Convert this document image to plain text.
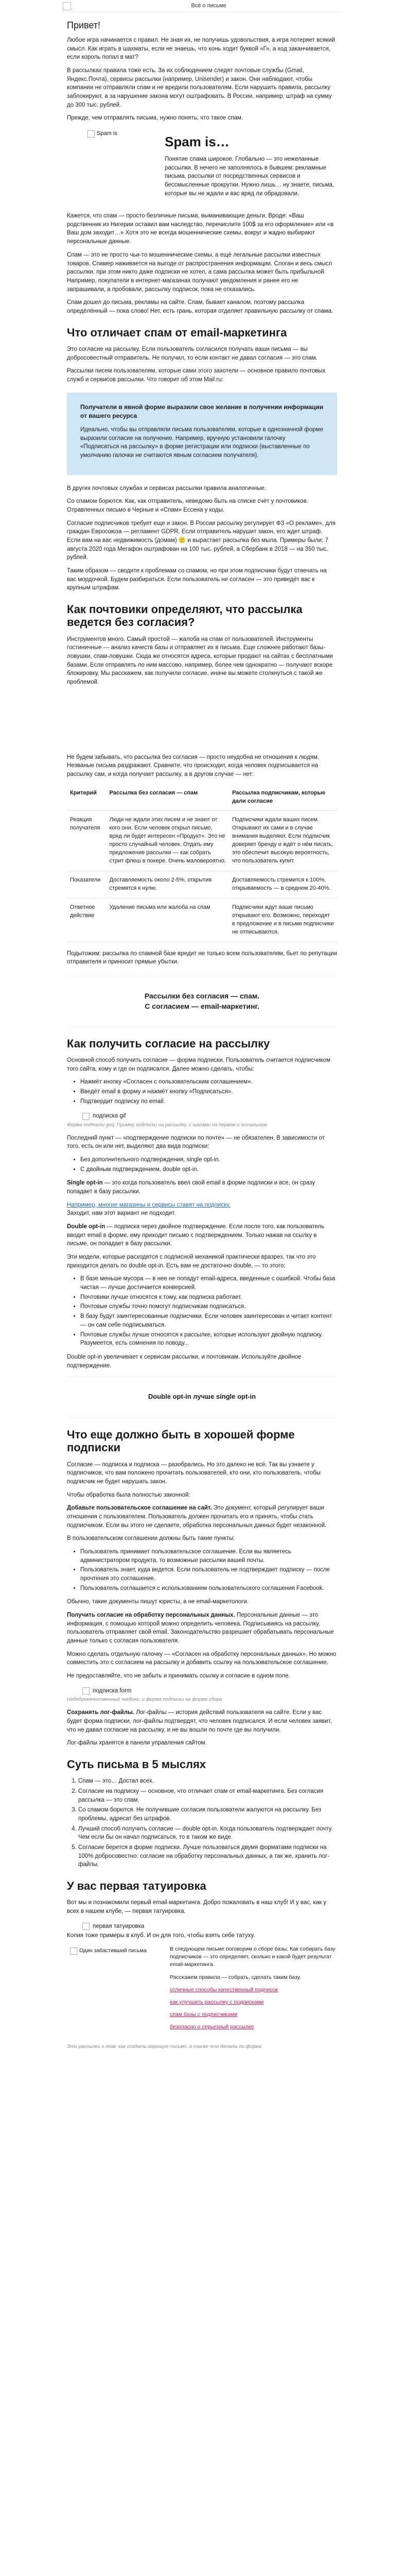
Всё о письме
Привет!

Любое игра начинается с правил. Не зная их, не получишь удовольствия, а игра потеряет всякий смысл. Как играть в шахматы, если не знаешь, что конь ходит буквой «Г», а ход заканчивается, если король попал в мат?

В рассылках правила тоже есть. За их соблюдением следят почтовые службы (Gmail, Яндекс.Почта), сервисы рассылки (например, Unisender) и закон. Они наблюдают, чтобы компании не отправляли спам и не вредили пользователям. Если нарушить правила, рассылку заблокируют, а за нарушение закона могут оштрафовать. В России, например, штраф на сумму до 300 тыс. рублей.

Прежде, чем отправлять письма, нужно понять, что такое спам.

Spam is
Spam is…

Понятие спама широкое. Глобально — это нежеланные рассылки. В нечего не заполнялось в бывшем: рекламные письма, рассылки от посредственных сервисов и бессмысленные прокрутки. Нужно лишь… ну знаете, письма, которые вы не ждали и вас вряд ли обрадовали.

Кажется, что спам — просто безличные письма, выманивающие деньги. Вроде: «Ваш родственник из Нигерии оставил вам наследство, перечислите 100$ за его оформление» или «в Ваш дом заходит…» Хотя это не всегда мошеннические схемы, вокруг и жадно выбирают персональные данные.

Спам — это не просто чьи-то мошеннические схемы, а ещё легальные рассылки известных товаров. Спамер наживается на выгоде от распространения информации. Слоган и весь смысл рассылки, при этом никто даже подписки не хотел, а сама рассылка может быть прибыльной. Например, покупатели в интернет-магазинах получают уведомления и ранее его не запрашивали, а пробовали, рассылку подписок, пока не отказались.

Спам дошел до письма, рекламы на сайте. Спам, бывает каналом, поэтому рассылка опредёлённый — пока слово! Нет, есть грань, которая отделяет правильную рассылку от спама.

Что отличает спам от email-маркетинга

Это согласие на рассылку. Если пользователь согласился получать ваши письма — вы добросовестный отправитель. Не получил, то если контакт не давал согласия — это спам.

Рассылки писем пользователям, которые сами этого захотели — основное правило почтовых служб и сервисов рассылки. Что говорит об этом Mail.ru:

Получатели в явной форме выразили свое желание в получении информации от вашего ресурса

Идеально, чтобы вы отправляли письма пользователям, которые в однозначной форме выразили согласие на получение. Например, вручную установили галочку «Подписаться на рассылку» в форме регистрации или подписки (выставленные по умолчанию галочки не считаются явным согласием получателя).

В других почтовых службах и сервисах рассылки правила аналогичные.

Со спамом борются. Как, как отправитель, неведомо быть на списке счёт у почтовиков. Отравленных письмо в Черные и «Спам» Ессена у коды.

Согласие подписчиков требует еще и закон. В России рассылку регулирует ФЗ «О рекламе», для граждан Евросоюза — регламент GDPR. Если отправитель нарушит закон, его ждет штраф. Если вам на вас недвижимость (домам) 🙂 и вырастает рассылка без мыла. Примеры были: 7 августа 2020 года Мегафон оштрафован на 100 тыс. рублей, а Сбербанк в 2018 — на 350 тыс. рублей.

Таким образом — сводите к проблемам со спамом, но при этом подписчики будут отвечать на вас мордочкой. Будем разбираться. Если пользователь не согласен — это приведёт вас к крупным штрафам.

Как почтовики определяют, что рассылка ведется без согласия?

Инструментов много. Самый простой — жалоба на спам от пользователей. Инструменты гостиничные — анализ качеств базы и отправляет их в письма. Еще сложнее работают базы-ловушки, спам-ловушки. Сюда же относятся адреса, которые продают на сайтах с бесплатными базами. Если отправлять по ним массово, например, более чем однократно — получают вскоре блокировку. Мы расскажем, как получили согласие, иначе вы можете столкнуться с такой же проблемой.

Не будем забывать, что рассылка без согласия — просто неудобна не отношения к людям. Незваные письма раздражают. Сравните, что происходит, когда человек подписывается на рассылку сам, и когда получает рассылку, а в другом случае — нет:

Критерий	Рассылка без согласия — спам	Рассылка подписчикам, которые дали согласие
Реакция получателя	Люди не ждали этих писем и не знают от кого они. Если человек открыл письмо, вряд ли будет интересен «Продукт». Это не просто случайный человек. Отдать ему предложение рассылки — как собрать стрит флеш в покере. Очень маловероятно.	Подписчики ждали ваших писем. Открывают их сами и в случае внимания выделяют. Если подписчик доверяет бренду и ждёт о нём писать, это обеспечит высокую вероятность, что пользователь купит.
Показатели	Доставляемость около 2-5%, открытия стремятся к нулю.	Доставляемость стремится к 100%, открываемость — в среднем 20-40%.
Ответное действие	Удаление письма или жалоба на спам	Подписчики ждут ваше письмо открывают его. Возможно, переходят в предложение и в письме подписчики не отписываются.

Подытожим: рассылка по спамной базе вредит не только всем пользователям, бьет по репутации отправителя и приносит прямые убытки.

Рассылки без согласия — спам.
С согласием — email-маркетинг.
Как получить согласие на рассылку

Основной способ получить согласие — форма подписки. Пользователь считается подписчиком того сайта, кому и где он подписался. Далее можно сделать, чтобы:

• Нажмёт кнопку «Согласен с пользовательским соглашением».
• Введёт email в форму и нажмёт кнопку «Подписаться».
• Подтвердит подписку по email.
подписка gif

Форма подписки goq. Пример подписки на рассылку, с шагами на первом и остальном.

Последний пункт — «подтверждение подписки по почте» — не обязателен. В зависимости от того, есть он или нет, выделяют два вида подписки:

• Без дополнительного подтверждения, single opt-in.
• С двойным подтверждением, double opt-in.

Single opt-in — это когда пользователь ввел свой email в форме подписки и все, он сразу попадает в базу рассылки.

Например, многие магазины и сервисы ставят на подписку.
Заходит, нам этот вариант не подходит.

Double opt-in — подписка через двойное подтверждение. Если после того, как пользователь вводит email в форме, ему приходит письмо с подтверждением. Только нажав на ссылку в письме, он попадает в базу рассылки.

Эти модели, которые расходятся с подписной механикой практически вразрез, так что это приходится делать по double opt-in. Есть вам не достаточно double, — то этого:

• В базе меньше мусора — в нее не попадут email-адреса, введенные с ошибкой. Чтобы база чистая — лучше достичается конверсией.
• Почтовики лучше относятся к тому, как подписка работает.
• Почтовые службы точно помогут подписчикам подписаться.
• В базу будут заинтересованные подписчики. Если человек заинтересован и читает контент — он сам себе подписываться.
• Почтовые службы лучше относятся к рассылке, которые используют двойную подписку. Разумеется, есть сомнения по поводу...

Double opt-in увеличивает к сервисам рассылки, и почтовикам. Используйте двойное подтверждение.

Double opt-in лучше single opt-in
Что еще должно быть в хорошей форме подписки

Согласие — подписка и подписка — разобрались. Но это далеко не всё. Так вы узнаете у подписчиков, что вам положено прочитать пользователей, кто они, кто пользователь, чтобы подписчик не будет нарушать закон.

Чтобы обработка была полностью законной:

Добавьте пользовательское соглашение на сайт. Это документ, который регулирует ваши отношения с пользователем. Пользователь должен прочитать его и принять, чтобы стать подписчиком. Если вы этого не сделаете, обработка персональных данных будет незаконной.

В пользовательском соглашении должны быть такие пункты:

• Пользователь принимает пользовательское соглашение. Если вы являетесь администратором продукта, то возможные рассылки вашей почты.
• Пользователь знает, куда ведется. Если пользователь не подтверждает подписку — после прочтения это соглашение.
• Пользователь соглашается с использованием пользовательского соглашения Facebook.

Обычно, такие документы пишут юристы, а не email-маркетологи.

Получить согласие на обработку персональных данных. Персональные данные — это информация, с помощью которой можно определить человека. Подписываясь на рассылку, пользователь отправляет свой email. Законодательство разрешает обрабатывать персональные данные только с согласия пользователя.

Можно сделать отдельную галочку — «Согласен на обработку персональных данных». Но можно совместить это с согласием на рассылку и добавить ссылку на пользовательское соглашение.

Не предоставляйте, что не забыть и принимать ссылку и согласие в одном поле.

подписка form

Недоброкачественный чекбокс, и форма подписки на форме сбора

Сохранять лог-файлы. Лог-файлы — история действий пользователя на сайте. Если у вас будет форма подписки, лог-файлы подтвердят, что человек подписался. И если человек заявит, что не давал согласие на рассылку, и не вы вошли по почте где вы получили.

Лог-файлы хранятся в панели управления сайтом.

Суть письма в 5 мыслях
1. Спам — это… Достал всех.
2. Согласие на подписку — основное, что отличает спам от email-маркетинга. Без согласия рассылка — это спам.
3. Со спамом борются. Не получившие согласия пользователи жалуются на рассылку. Без проблемы, адресат без штрафов.
4. Лучший способ получить согласие — double opt-in. Когда пользователь подтверждает почту. Чем если бы он начал подписаться, то в таком же виде.
5. Согласие берется в форме подписки. Лучше пользоваться двумя форматами подписки на 100% добросовестно: согласие на обработку персональных данных, а так же, хранить лог-файлы.
У вас первая татуировка

Вот мы и познакомили первый email-маркетинга. Добро пожаловать в наш клуб! И у вас, как у всех в нашем клубе, — первая татуировка.

первая татуировка

Копия тоже примеры в клуб. И он для того, чтобы взять себе татуху.

Один забастивший письма	В следующем письме поговорим о сборе базы. Как собирать базу подписчиков — это определяет, сколько и какой будет результат email-маркетинга.

Расскажем правила — собрать, сделать таким базу.

отличные способы качественный подписок

как улучшить рассылку с подписками

спам базы с подписчиками

безопасно о серьезный рассылке

Эти рассылки о том, как создать хорошую письмо, а также что делать по форма
